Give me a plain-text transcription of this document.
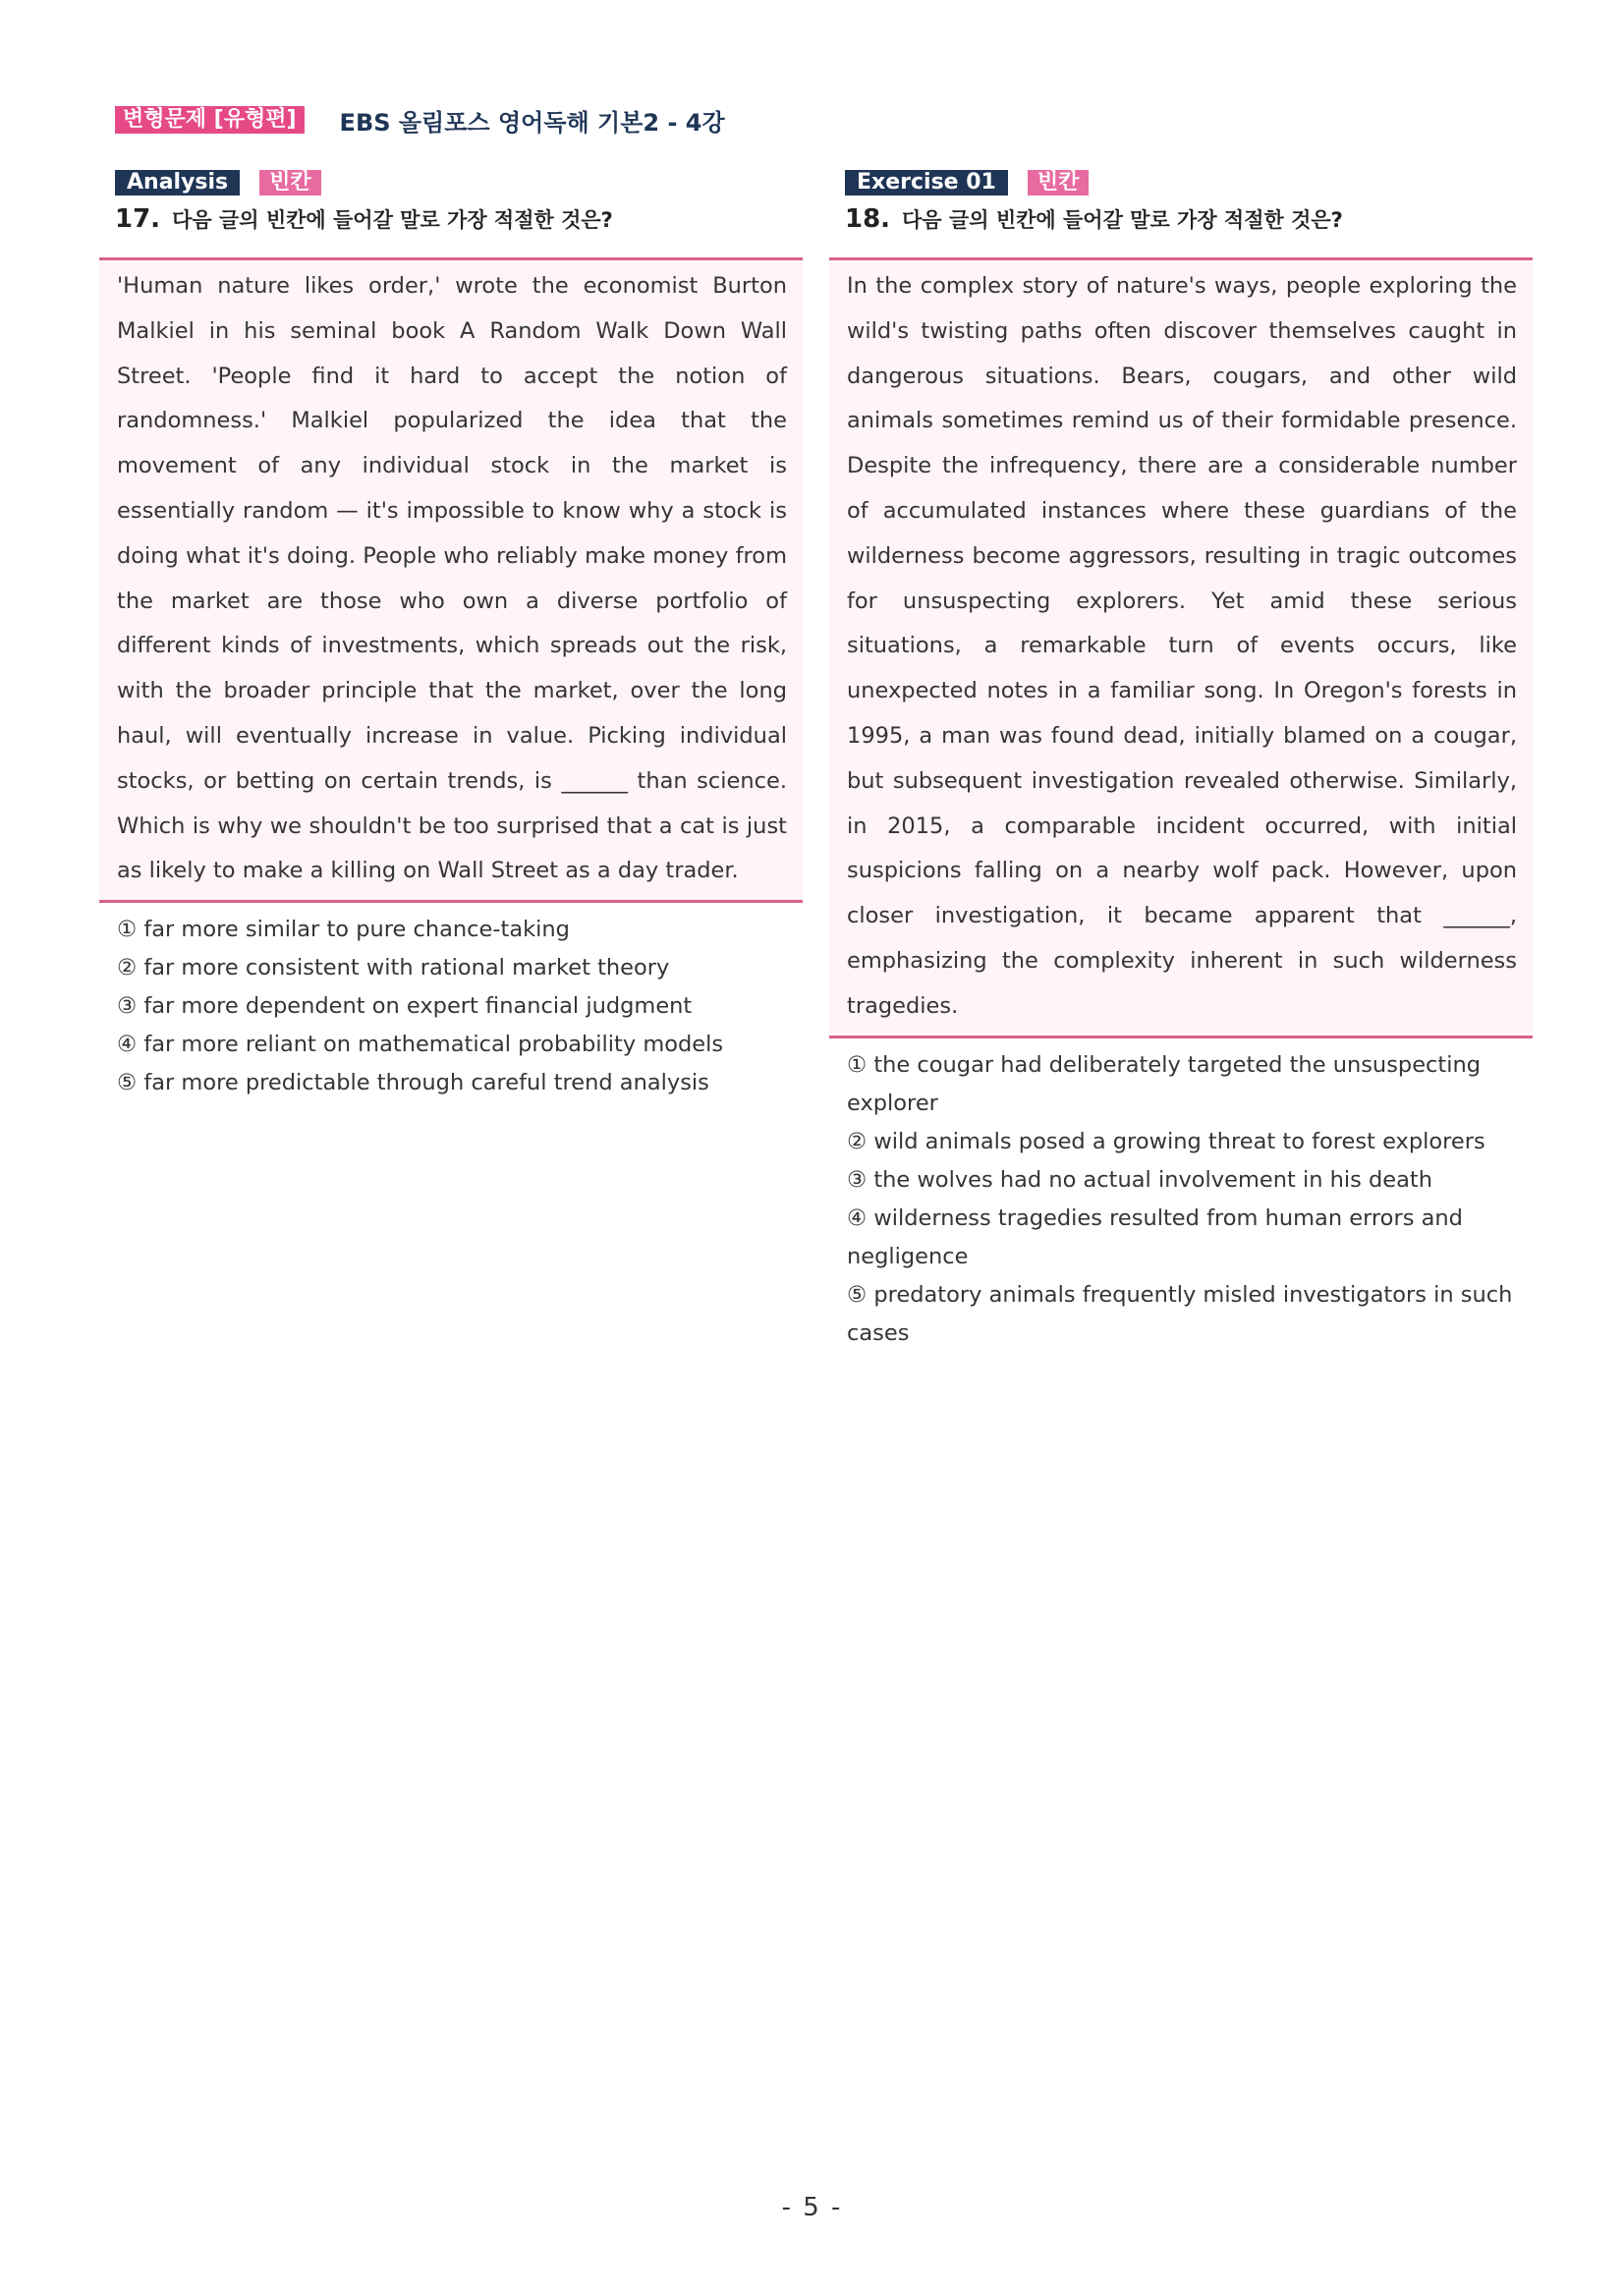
변형문제 [유형편]	EBS 올림포스 영어독해 기본2 - 4강
Analysis	빈칸
17. 다음 글의 빈칸에 들어갈 말로 가장 적절한 것은?

'Human nature likes order,' wrote the economist Burton Malkiel in his seminal book A Random Walk Down Wall Street. 'People find it hard to accept the notion of randomness.' Malkiel popularized the idea that the movement of any individual stock in the market is essentially random — it's impossible to know why a stock is doing what it's doing. People who reliably make money from the market are those who own a diverse portfolio of different kinds of investments, which spreads out the risk, with the broader principle that the market, over the long haul, will eventually increase in value. Picking individual stocks, or betting on certain trends, is ______ than science. Which is why we shouldn't be too surprised that a cat is just as likely to make a killing on Wall Street as a day trader.

① far more similar to pure chance-taking
② far more consistent with rational market theory
③ far more dependent on expert financial judgment
④ far more reliant on mathematical probability models
⑤ far more predictable through careful trend analysis
Exercise 01	빈칸
18. 다음 글의 빈칸에 들어갈 말로 가장 적절한 것은?

In the complex story of nature's ways, people exploring the wild's twisting paths often discover themselves caught in dangerous situations. Bears, cougars, and other wild animals sometimes remind us of their formidable presence. Despite the infrequency, there are a considerable number of accumulated instances where these guardians of the wilderness become aggressors, resulting in tragic outcomes for unsuspecting explorers. Yet amid these serious situations, a remarkable turn of events occurs, like unexpected notes in a familiar song. In Oregon's forests in 1995, a man was found dead, initially blamed on a cougar, but subsequent investigation revealed otherwise. Similarly, in 2015, a comparable incident occurred, with initial suspicions falling on a nearby wolf pack. However, upon closer investigation, it became apparent that ______, emphasizing the complexity inherent in such wilderness tragedies.

① the cougar had deliberately targeted the unsuspecting explorer
② wild animals posed a growing threat to forest explorers
③ the wolves had no actual involvement in his death
④ wilderness tragedies resulted from human errors and negligence
⑤ predatory animals frequently misled investigators in such cases
- 5 -
